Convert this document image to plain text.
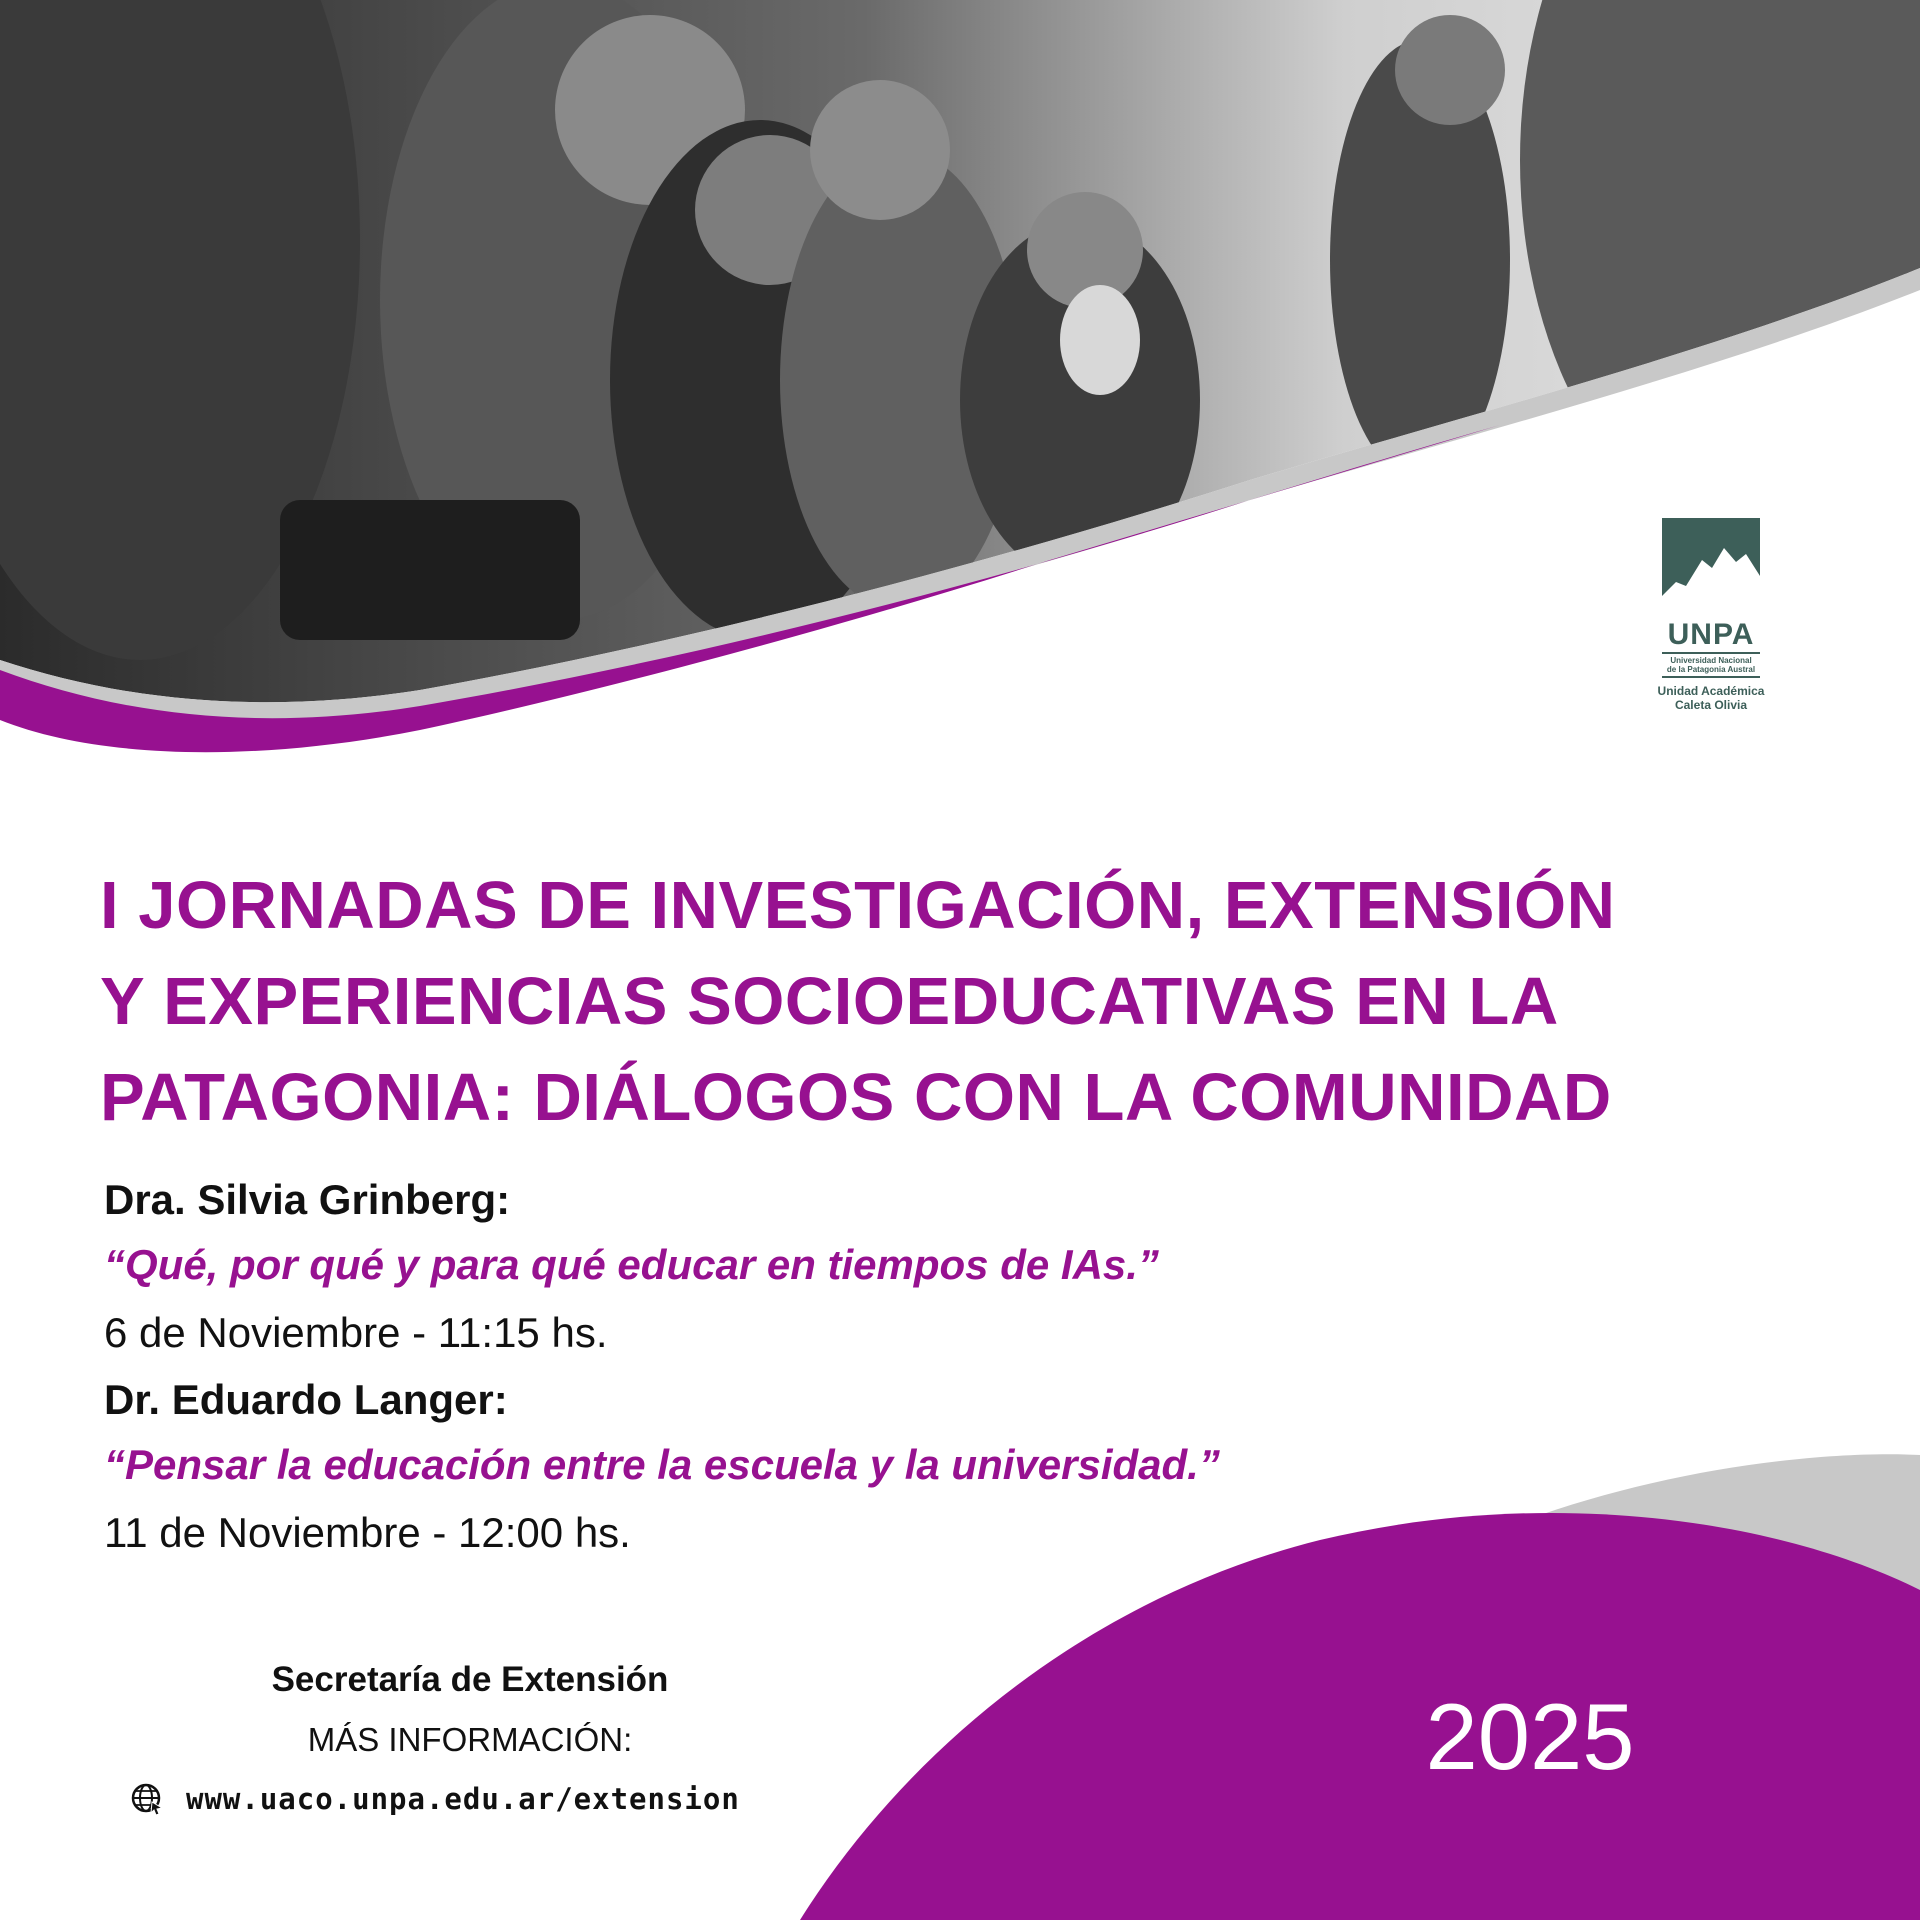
UNPA
Universidad Nacional
de la Patagonia Austral
Unidad Académica
Caleta Olivia
I JORNADAS DE INVESTIGACIÓN, EXTENSIÓN
Y EXPERIENCIAS SOCIOEDUCATIVAS EN LA
PATAGONIA: DIÁLOGOS CON LA COMUNIDAD

Dra. Silvia Grinberg:

“Qué, por qué y para qué educar en tiempos de IAs.”

6 de Noviembre - 11:15 hs.

Dr. Eduardo Langer:

“Pensar la educación entre la escuela y la universidad.”

11 de Noviembre - 12:00 hs.

Secretaría de Extensión
MÁS INFORMACIÓN:
www.uaco.unpa.edu.ar/extension
2025
